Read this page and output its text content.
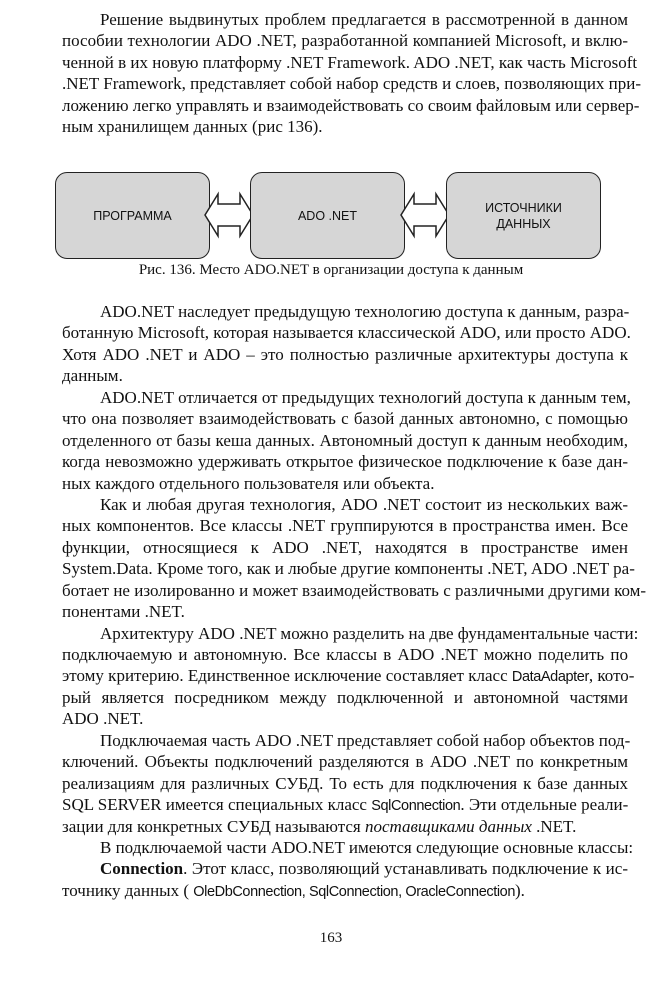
Решение выдвинутых проблем предлагается в рассмотренной в данном
пособии технологии ADO .NET, разработанной компанией Microsoft, и вклю-
ченной в их новую платформу .NET Framework. ADO .NET, как часть Microsoft
.NET Framework, представляет собой набор средств и слоев, позволяющих при-
ложению легко управлять и взаимодействовать со своим файловым или сервер-
ным хранилищем данных (рис 136).
ПРОГРАММА	ADO .NET
ИСТОЧНИКИ
ДАННЫХ
Рис. 136. Место ADO.NET в организации доступа к данным
ADO.NET наследует предыдущую технологию доступа к данным, разра-
ботанную Microsoft, которая называется классической ADO, или просто ADO.
Хотя ADO .NET и ADO – это полностью различные архитектуры доступа к
данным.
ADO.NET отличается от предыдущих технологий доступа к данным тем,
что она позволяет взаимодействовать с базой данных автономно, с помощью
отделенного от базы кеша данных. Автономный доступ к данным необходим,
когда невозможно удерживать открытое физическое подключение к базе дан-
ных каждого отдельного пользователя или объекта.
Как и любая другая технология, ADO .NET состоит из нескольких важ-
ных компонентов. Все классы .NET группируются в пространства имен. Все
функции, относящиеся к ADO .NET, находятся в пространстве имен
System.Data. Кроме того, как и любые другие компоненты .NET, ADO .NET ра-
ботает не изолированно и может взаимодействовать с различными другими ком-
понентами .NET.
Архитектуру ADO .NET можно разделить на две фундаментальные части:
подключаемую и автономную. Все классы в ADO .NET можно поделить по
этому критерию. Единственное исключение составляет класс DataAdapter, кото-
рый является посредником между подключенной и автономной частями
ADO .NET.
Подключаемая часть ADO .NET представляет собой набор объектов под-
ключений. Объекты подключений разделяются в ADO .NET по конкретным
реализациям для различных СУБД. То есть для подключения к базе данных
SQL SERVER имеется специальных класс SqlConnection. Эти отдельные реали-
зации для конкретных СУБД называются поставщиками данных .NET.
В подключаемой части ADO.NET имеются следующие основные классы:
Connection. Этот класс, позволяющий устанавливать подключение к ис-
точнику данных ( OleDbConnection, SqlConnection, OracleConnection).
163
